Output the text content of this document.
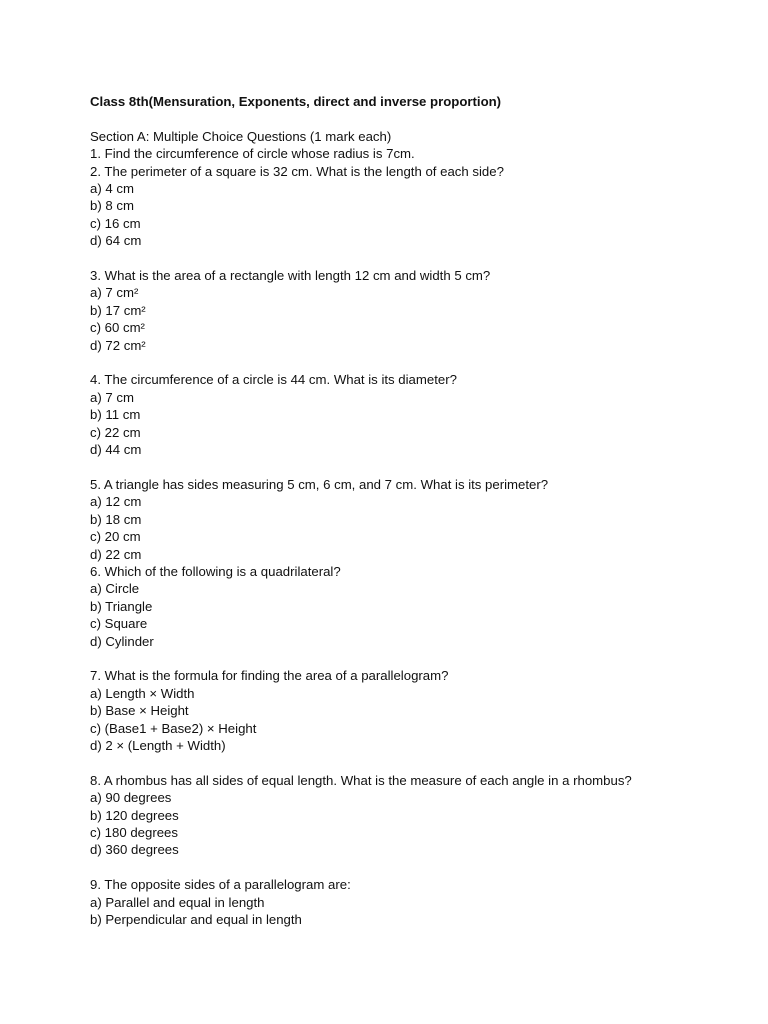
Class 8th(Mensuration, Exponents, direct and inverse proportion)

Section A: Multiple Choice Questions (1 mark each)

1. Find the circumference of circle whose radius is 7cm.

2. The perimeter of a square is 32 cm. What is the length of each side?

a) 4 cm

b) 8 cm

c) 16 cm

d) 64 cm

3. What is the area of a rectangle with length 12 cm and width 5 cm?

a) 7 cm²

b) 17 cm²

c) 60 cm²

d) 72 cm²

4. The circumference of a circle is 44 cm. What is its diameter?

a) 7 cm

b) 11 cm

c) 22 cm

d) 44 cm

5. A triangle has sides measuring 5 cm, 6 cm, and 7 cm. What is its perimeter?

a) 12 cm

b) 18 cm

c) 20 cm

d) 22 cm

6. Which of the following is a quadrilateral?

a) Circle

b) Triangle

c) Square

d) Cylinder

7. What is the formula for finding the area of a parallelogram?

a) Length × Width

b) Base × Height

c) (Base1 + Base2) × Height

d) 2 × (Length + Width)

8. A rhombus has all sides of equal length. What is the measure of each angle in a rhombus?

a) 90 degrees

b) 120 degrees

c) 180 degrees

d) 360 degrees

9. The opposite sides of a parallelogram are:

a) Parallel and equal in length

b) Perpendicular and equal in length
